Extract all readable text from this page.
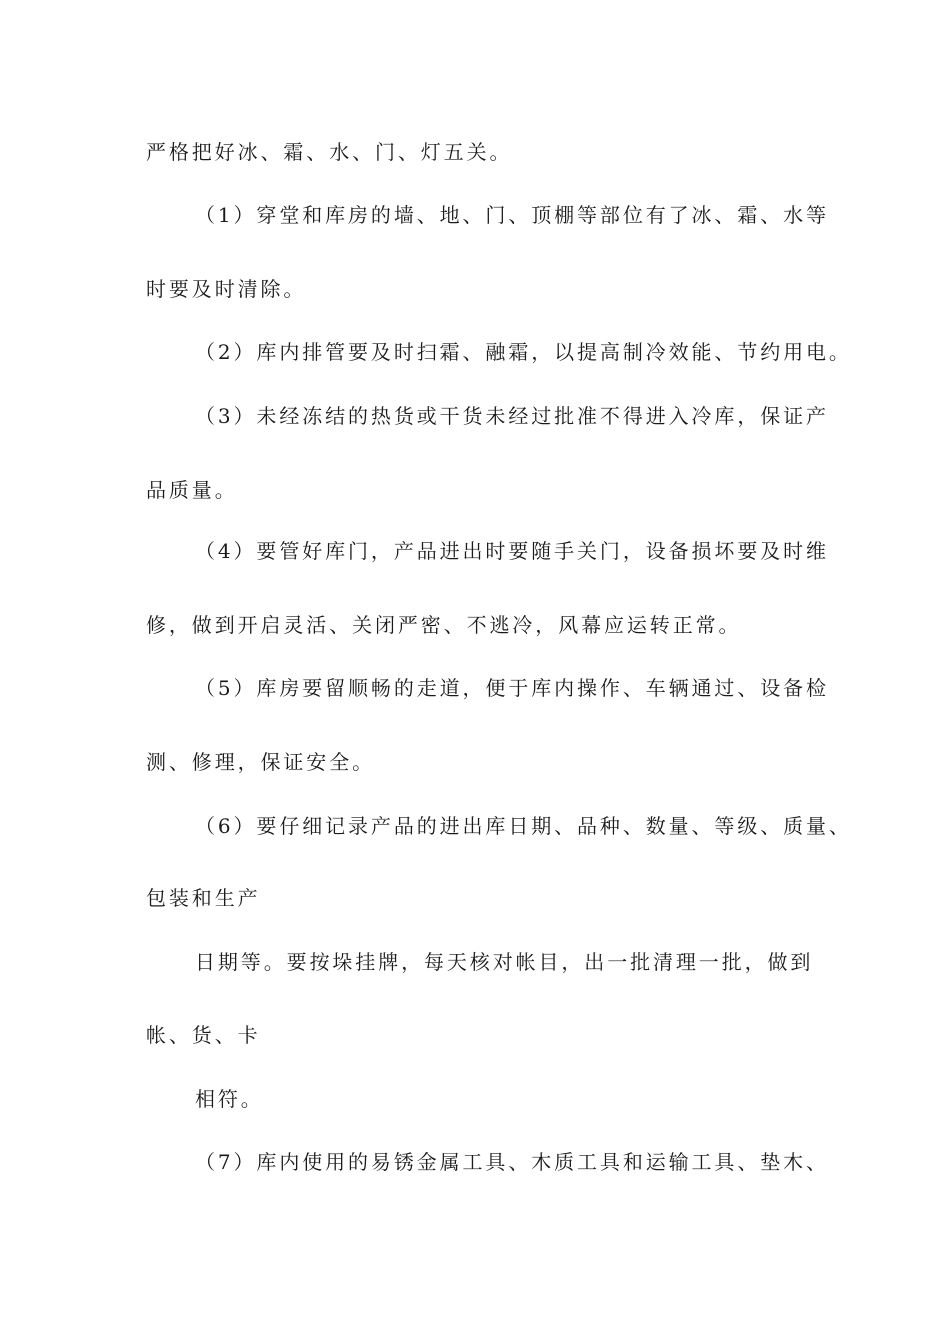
严格把好冰、霜、水、门、灯五关。
（1）穿堂和库房的墙、地、门、顶棚等部位有了冰、霜、水等
时要及时清除。
（2）库内排管要及时扫霜、融霜，以提高制冷效能、节约用电。
（3）未经冻结的热货或干货未经过批准不得进入冷库，保证产
品质量。
（4）要管好库门，产品进出时要随手关门，设备损坏要及时维
修，做到开启灵活、关闭严密、不逃冷，风幕应运转正常。
（5）库房要留顺畅的走道，便于库内操作、车辆通过、设备检
测、修理，保证安全。
（6）要仔细记录产品的进出库日期、品种、数量、等级、质量、
包装和生产
日期等。要按垛挂牌，每天核对帐目，出一批清理一批，做到
帐、货、卡
相符。
（7）库内使用的易锈金属工具、木质工具和运输工具、垫木、
